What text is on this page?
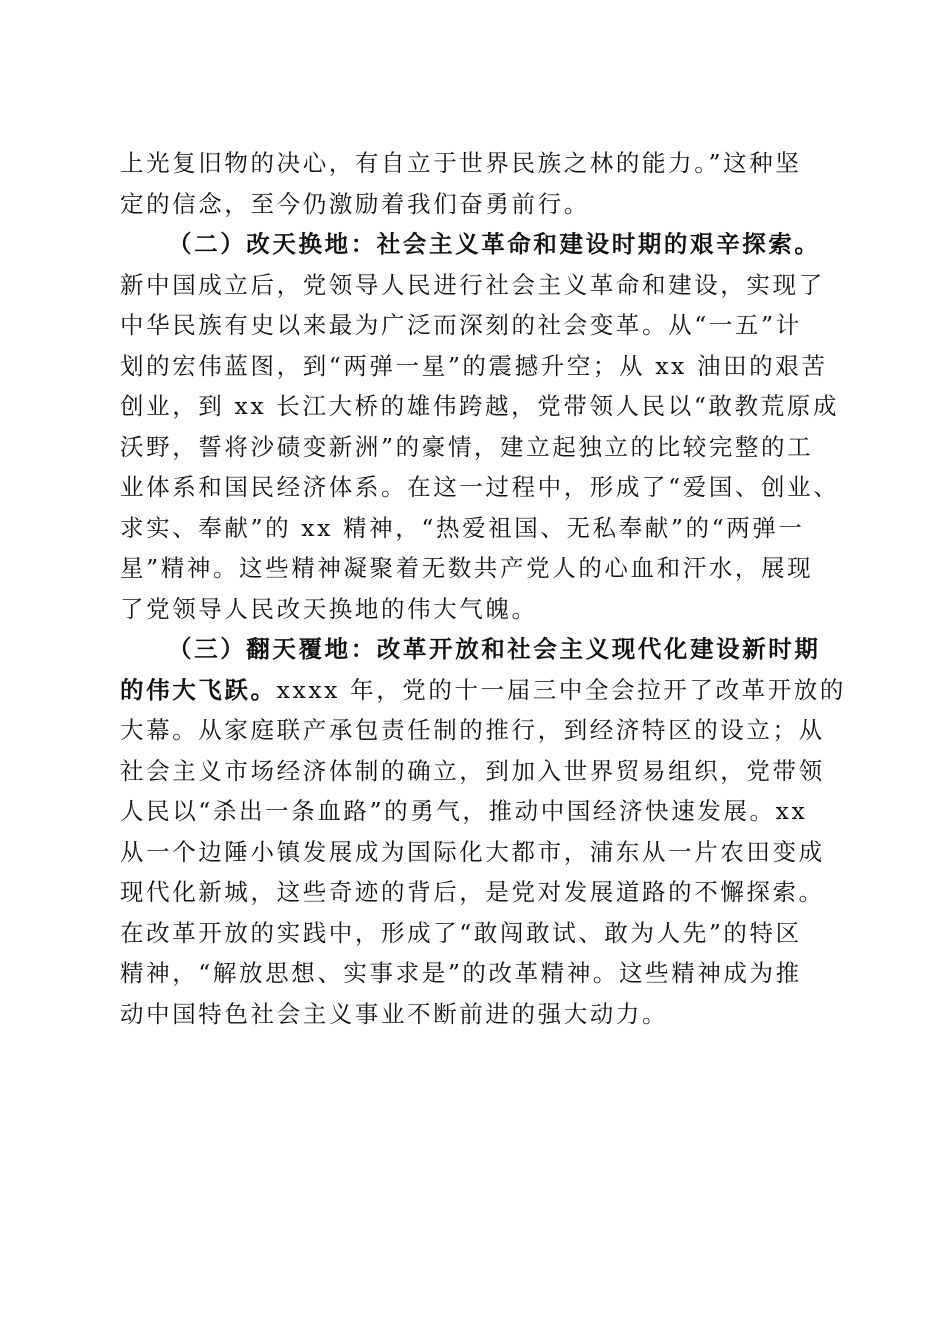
上光复旧物的决心，有自立于世界民族之林的能力。”这种坚
定的信念，至今仍激励着我们奋勇前行。
（二）改天换地：社会主义革命和建设时期的艰辛探索。
新中国成立后，党领导人民进行社会主义革命和建设，实现了
中华民族有史以来最为广泛而深刻的社会变革。从“一五”计
划的宏伟蓝图，到“两弹一星”的震撼升空；从 xx 油田的艰苦
创业，到 xx 长江大桥的雄伟跨越，党带领人民以“敢教荒原成
沃野，誓将沙碛变新洲”的豪情，建立起独立的比较完整的工
业体系和国民经济体系。在这一过程中，形成了“爱国、创业、
求实、奉献”的 xx 精神，“热爱祖国、无私奉献”的“两弹一
星”精神。这些精神凝聚着无数共产党人的心血和汗水，展现
了党领导人民改天换地的伟大气魄。
（三）翻天覆地：改革开放和社会主义现代化建设新时期
的伟大飞跃。xxxx 年，党的十一届三中全会拉开了改革开放的
大幕。从家庭联产承包责任制的推行，到经济特区的设立；从
社会主义市场经济体制的确立，到加入世界贸易组织，党带领
人民以“杀出一条血路”的勇气，推动中国经济快速发展。xx
从一个边陲小镇发展成为国际化大都市，浦东从一片农田变成
现代化新城，这些奇迹的背后，是党对发展道路的不懈探索。
在改革开放的实践中，形成了“敢闯敢试、敢为人先”的特区
精神，“解放思想、实事求是”的改革精神。这些精神成为推
动中国特色社会主义事业不断前进的强大动力。
